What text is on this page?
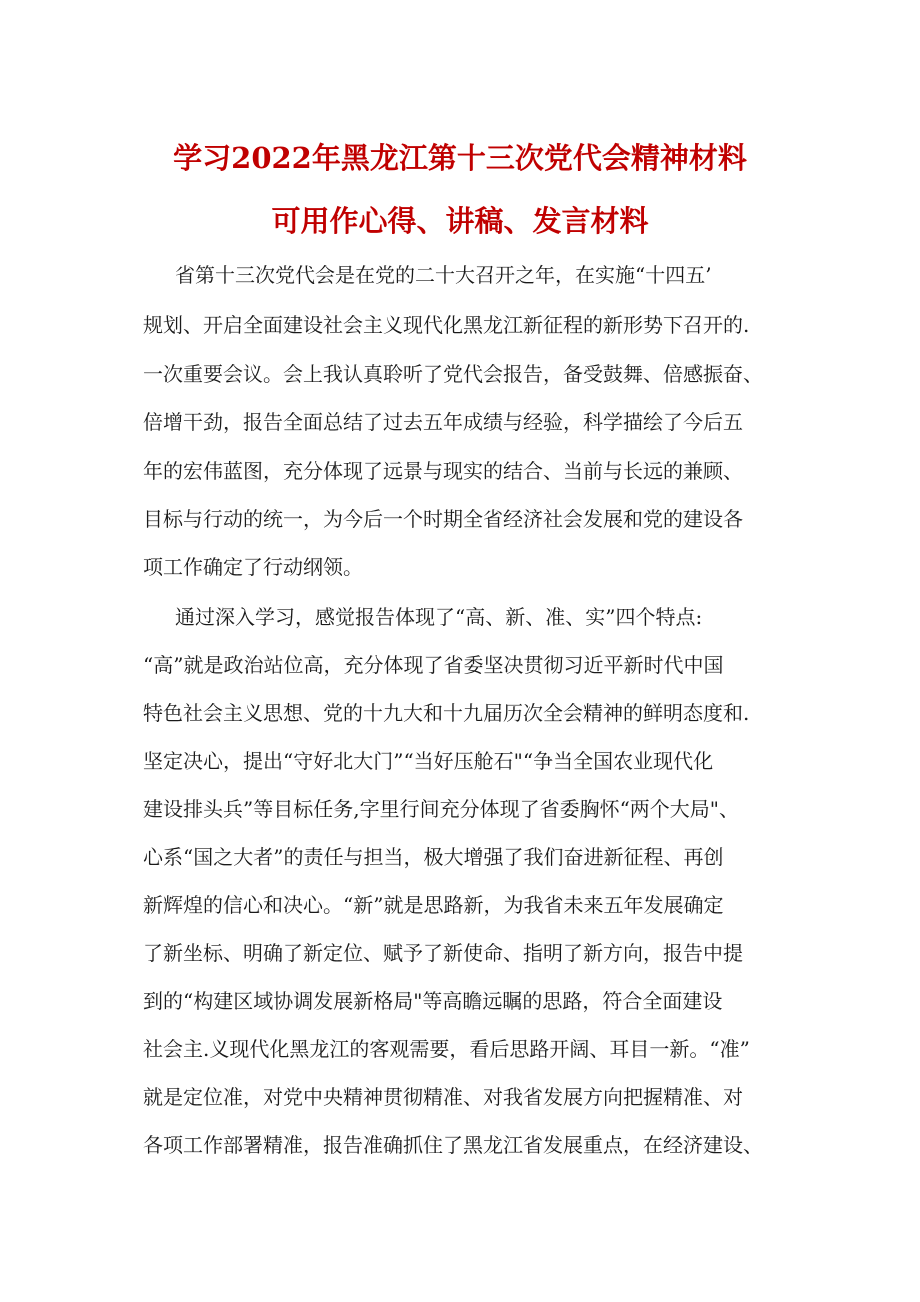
学习2022年黑龙江第十三次党代会精神材料
可用作心得、讲稿、发言材料
省第十三次党代会是在党的二十大召开之年，在实施“十四五’
规划、开启全面建设社会主义现代化黑龙江新征程的新形势下召开的.
一次重要会议。会上我认真聆听了党代会报告，备受鼓舞、倍感振奋、
倍增干劲，报告全面总结了过去五年成绩与经验，科学描绘了今后五
年的宏伟蓝图，充分体现了远景与现实的结合、当前与长远的兼顾、
目标与行动的统一，为今后一个时期全省经济社会发展和党的建设各
项工作确定了行动纲领。
通过深入学习，感觉报告体现了“高、新、准、实”四个特点:
“高”就是政治站位高，充分体现了省委坚决贯彻习近平新时代中国
特色社会主义思想、党的十九大和十九届历次全会精神的鲜明态度和.
坚定决心，提出“守好北大门”“当好压舱石"“争当全国农业现代化
建设排头兵”等目标任务,字里行间充分体现了省委胸怀“两个大局"、
心系“国之大者”的责任与担当，极大增强了我们奋进新征程、再创
新辉煌的信心和决心。“新”就是思路新，为我省未来五年发展确定
了新坐标、明确了新定位、赋予了新使命、指明了新方向，报告中提
到的“构建区域协调发展新格局"等高瞻远瞩的思路，符合全面建设
社会主.义现代化黑龙江的客观需要，看后思路开阔、耳目一新。“准”
就是定位准，对党中央精神贯彻精准、对我省发展方向把握精准、对
各项工作部署精准，报告准确抓住了黑龙江省发展重点，在经济建设、
